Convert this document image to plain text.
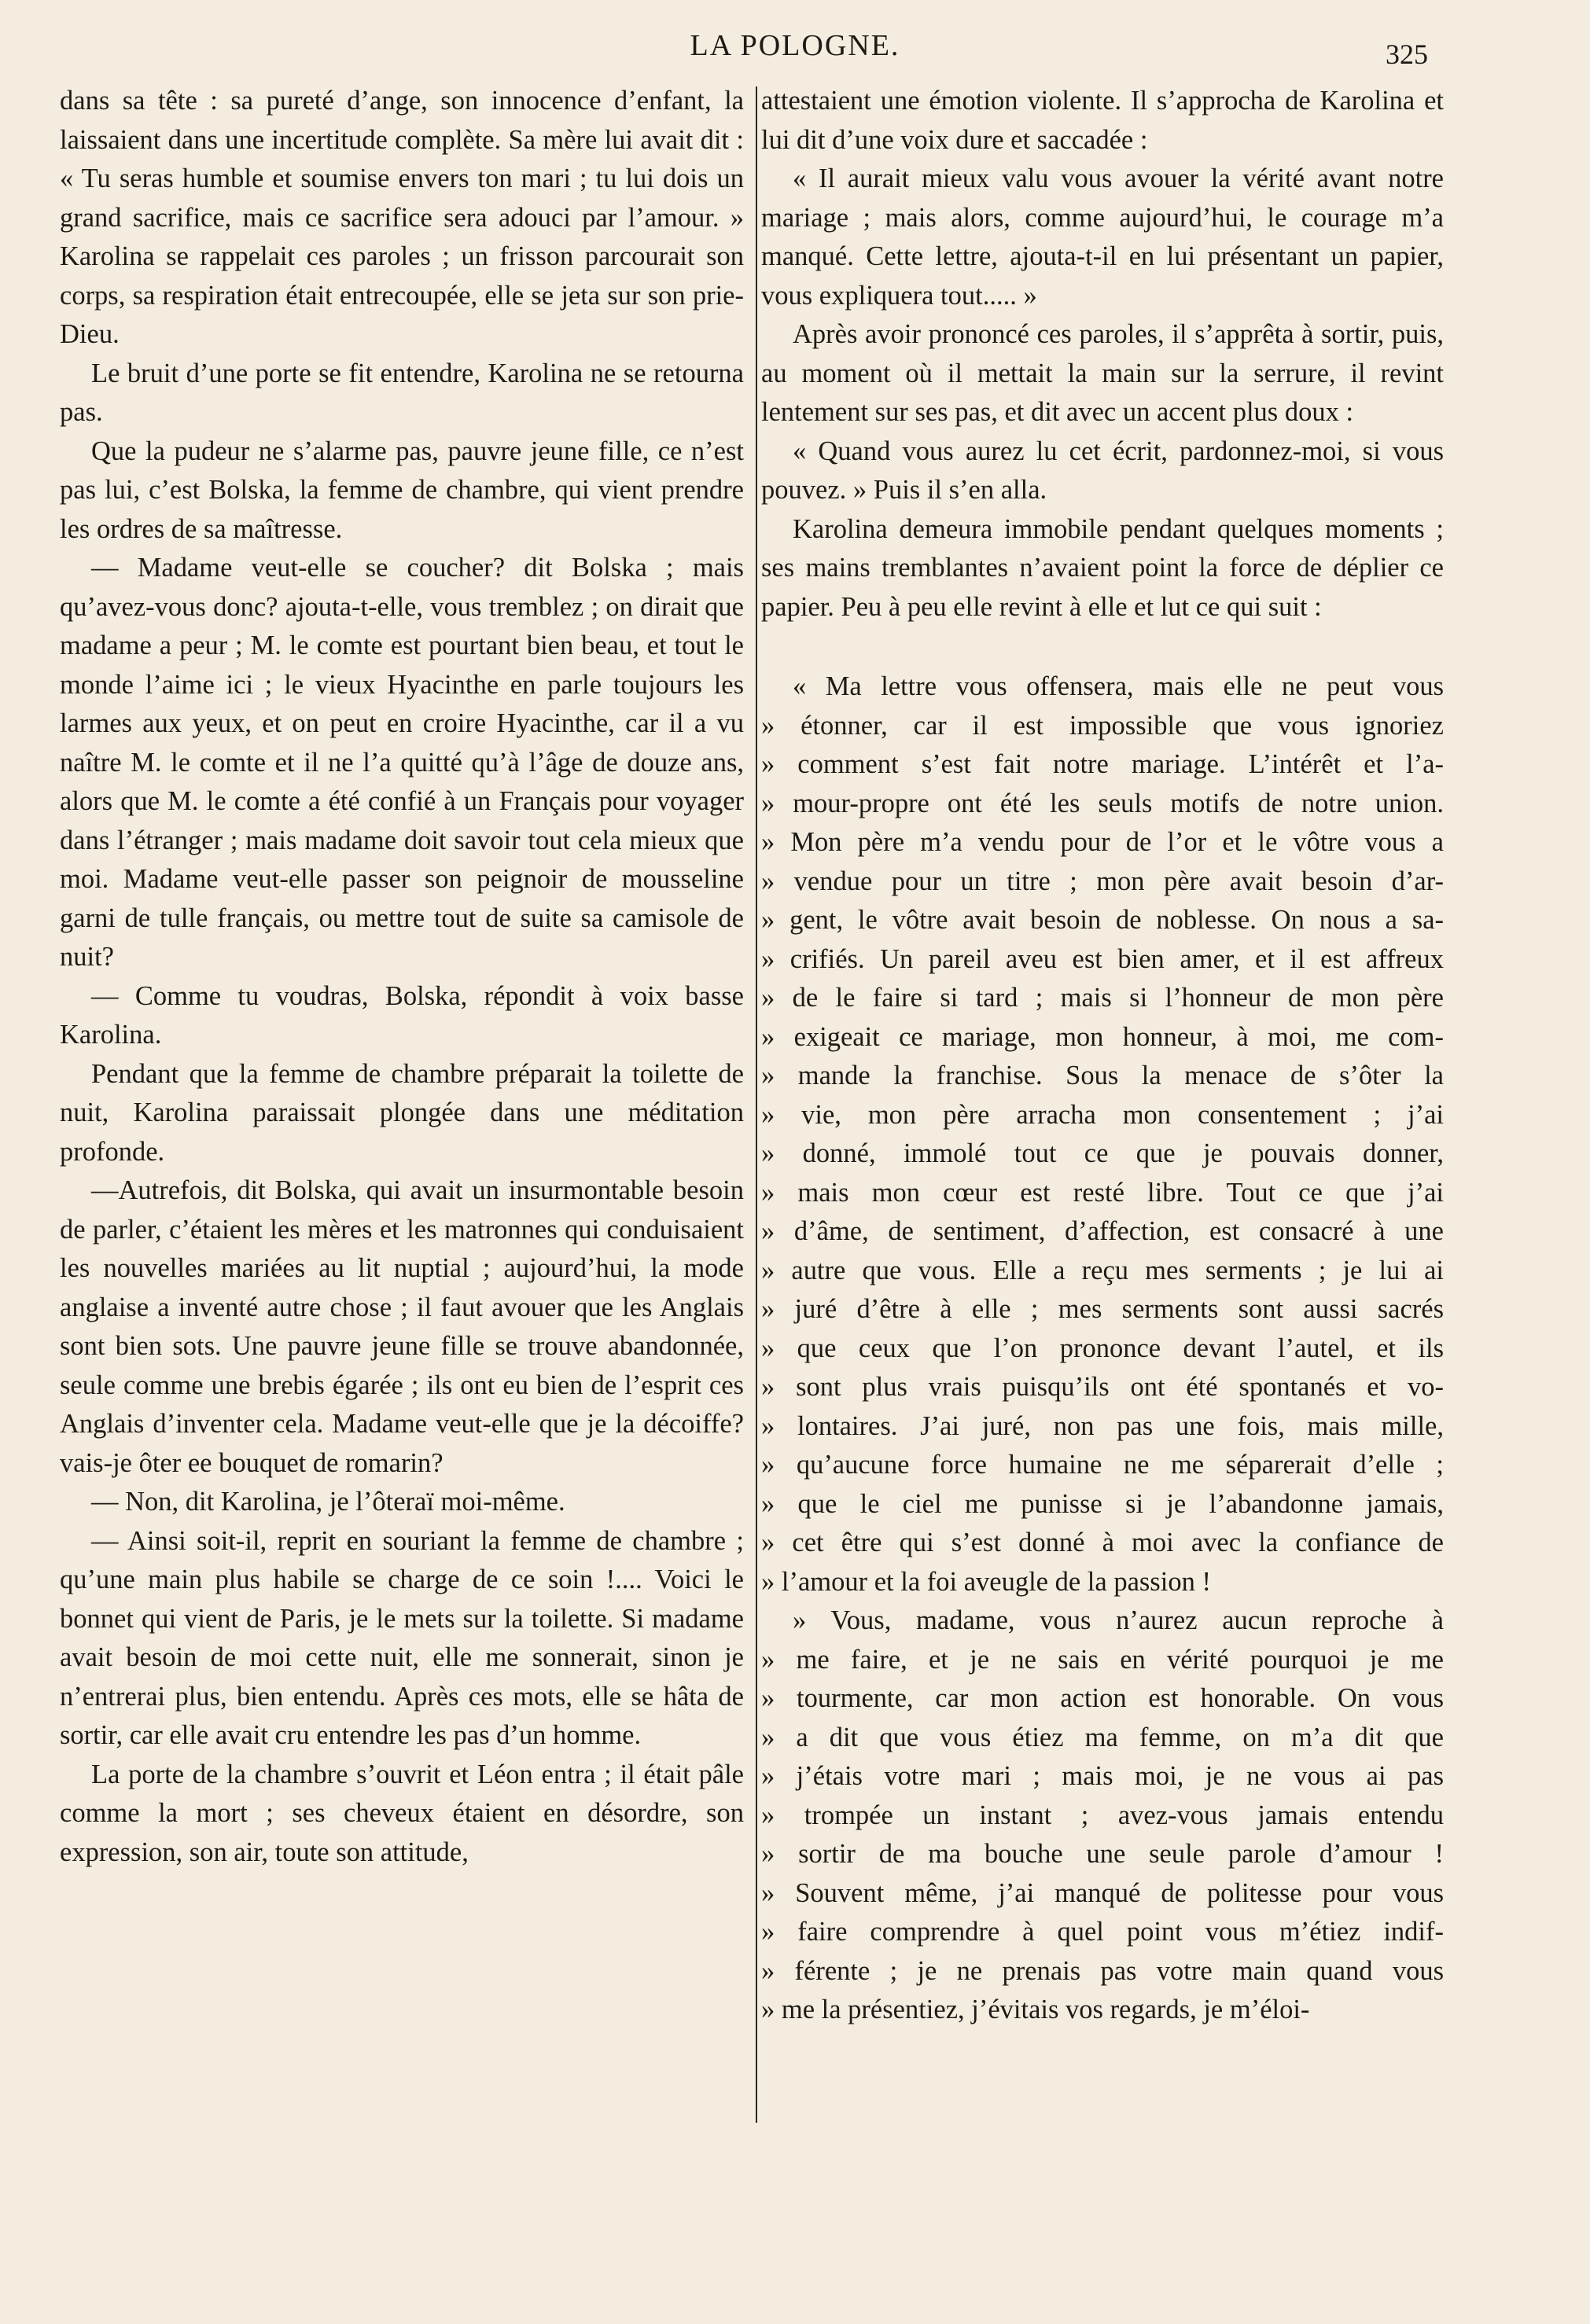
LA POLOGNE.	325

dans sa tête : sa pureté d’ange, son innocence d’enfant, la laissaient dans une incertitude complète. Sa mère lui avait dit : « Tu seras humble et soumise envers ton mari ; tu lui dois un grand sacrifice, mais ce sacrifice sera adouci par l’amour. » Karolina se rappelait ces paroles ; un frisson parcourait son corps, sa respiration était entrecoupée, elle se jeta sur son prie-Dieu.

Le bruit d’une porte se fit entendre, Karolina ne se retourna pas.

Que la pudeur ne s’alarme pas, pauvre jeune fille, ce n’est pas lui, c’est Bolska, la femme de chambre, qui vient prendre les ordres de sa maîtresse.

— Madame veut-elle se coucher? dit Bolska ; mais qu’avez-vous donc? ajouta-t-elle, vous tremblez ; on dirait que madame a peur ; M. le comte est pourtant bien beau, et tout le monde l’aime ici ; le vieux Hyacinthe en parle toujours les larmes aux yeux, et on peut en croire Hyacinthe, car il a vu naître M. le comte et il ne l’a quitté qu’à l’âge de douze ans, alors que M. le comte a été confié à un Français pour voyager dans l’étranger ; mais madame doit savoir tout cela mieux que moi. Madame veut-elle passer son peignoir de mousseline garni de tulle français, ou mettre tout de suite sa camisole de nuit?

— Comme tu voudras, Bolska, répondit à voix basse Karolina.

Pendant que la femme de chambre préparait la toilette de nuit, Karolina paraissait plongée dans une méditation profonde.

—Autrefois, dit Bolska, qui avait un insurmontable besoin de parler, c’étaient les mères et les matronnes qui conduisaient les nouvelles mariées au lit nuptial ; aujourd’hui, la mode anglaise a inventé autre chose ; il faut avouer que les Anglais sont bien sots. Une pauvre jeune fille se trouve abandonnée, seule comme une brebis égarée ; ils ont eu bien de l’esprit ces Anglais d’inventer cela. Madame veut-elle que je la décoiffe? vais-je ôter ee bouquet de romarin?

— Non, dit Karolina, je l’ôteraï moi-même.

— Ainsi soit-il, reprit en souriant la femme de chambre ; qu’une main plus habile se charge de ce soin !.... Voici le bonnet qui vient de Paris, je le mets sur la toilette. Si madame avait besoin de moi cette nuit, elle me sonnerait, sinon je n’entrerai plus, bien entendu. Après ces mots, elle se hâta de sortir, car elle avait cru entendre les pas d’un homme.

La porte de la chambre s’ouvrit et Léon entra ; il était pâle comme la mort ; ses cheveux étaient en désordre, son expression, son air, toute son attitude,

attestaient une émotion violente. Il s’approcha de Karolina et lui dit d’une voix dure et saccadée :

« Il aurait mieux valu vous avouer la vérité avant notre mariage ; mais alors, comme aujourd’hui, le courage m’a manqué. Cette lettre, ajouta-t-il en lui présentant un papier, vous expliquera tout..... »

Après avoir prononcé ces paroles, il s’apprêta à sortir, puis, au moment où il mettait la main sur la serrure, il revint lentement sur ses pas, et dit avec un accent plus doux :

« Quand vous aurez lu cet écrit, pardonnez-moi, si vous pouvez. » Puis il s’en alla.

Karolina demeura immobile pendant quelques moments ; ses mains tremblantes n’avaient point la force de déplier ce papier. Peu à peu elle revint à elle et lut ce qui suit :

« Ma lettre vous offensera, mais elle ne peut vous
» étonner, car il est impossible que vous ignoriez
» comment s’est fait notre mariage. L’intérêt et l’a-
» mour-propre ont été les seuls motifs de notre union.
» Mon père m’a vendu pour de l’or et le vôtre vous a
» vendue pour un titre ; mon père avait besoin d’ar-
» gent, le vôtre avait besoin de noblesse. On nous a sa-
» crifiés. Un pareil aveu est bien amer, et il est affreux
» de le faire si tard ; mais si l’honneur de mon père
» exigeait ce mariage, mon honneur, à moi, me com-
» mande la franchise. Sous la menace de s’ôter la
» vie, mon père arracha mon consentement ; j’ai
» donné, immolé tout ce que je pouvais donner,
» mais mon cœur est resté libre. Tout ce que j’ai
» d’âme, de sentiment, d’affection, est consacré à une
» autre que vous. Elle a reçu mes serments ; je lui ai
» juré d’être à elle ; mes serments sont aussi sacrés
» que ceux que l’on prononce devant l’autel, et ils
» sont plus vrais puisqu’ils ont été spontanés et vo-
» lontaires. J’ai juré, non pas une fois, mais mille,
» qu’aucune force humaine ne me séparerait d’elle ;
» que le ciel me punisse si je l’abandonne jamais,
» cet être qui s’est donné à moi avec la confiance de
» l’amour et la foi aveugle de la passion !
» Vous, madame, vous n’aurez aucun reproche à
» me faire, et je ne sais en vérité pourquoi je me
» tourmente, car mon action est honorable. On vous
» a dit que vous étiez ma femme, on m’a dit que
» j’étais votre mari ; mais moi, je ne vous ai pas
» trompée un instant ; avez-vous jamais entendu
» sortir de ma bouche une seule parole d’amour !
» Souvent même, j’ai manqué de politesse pour vous
» faire comprendre à quel point vous m’étiez indif-
» férente ; je ne prenais pas votre main quand vous
» me la présentiez, j’évitais vos regards, je m’éloi-
